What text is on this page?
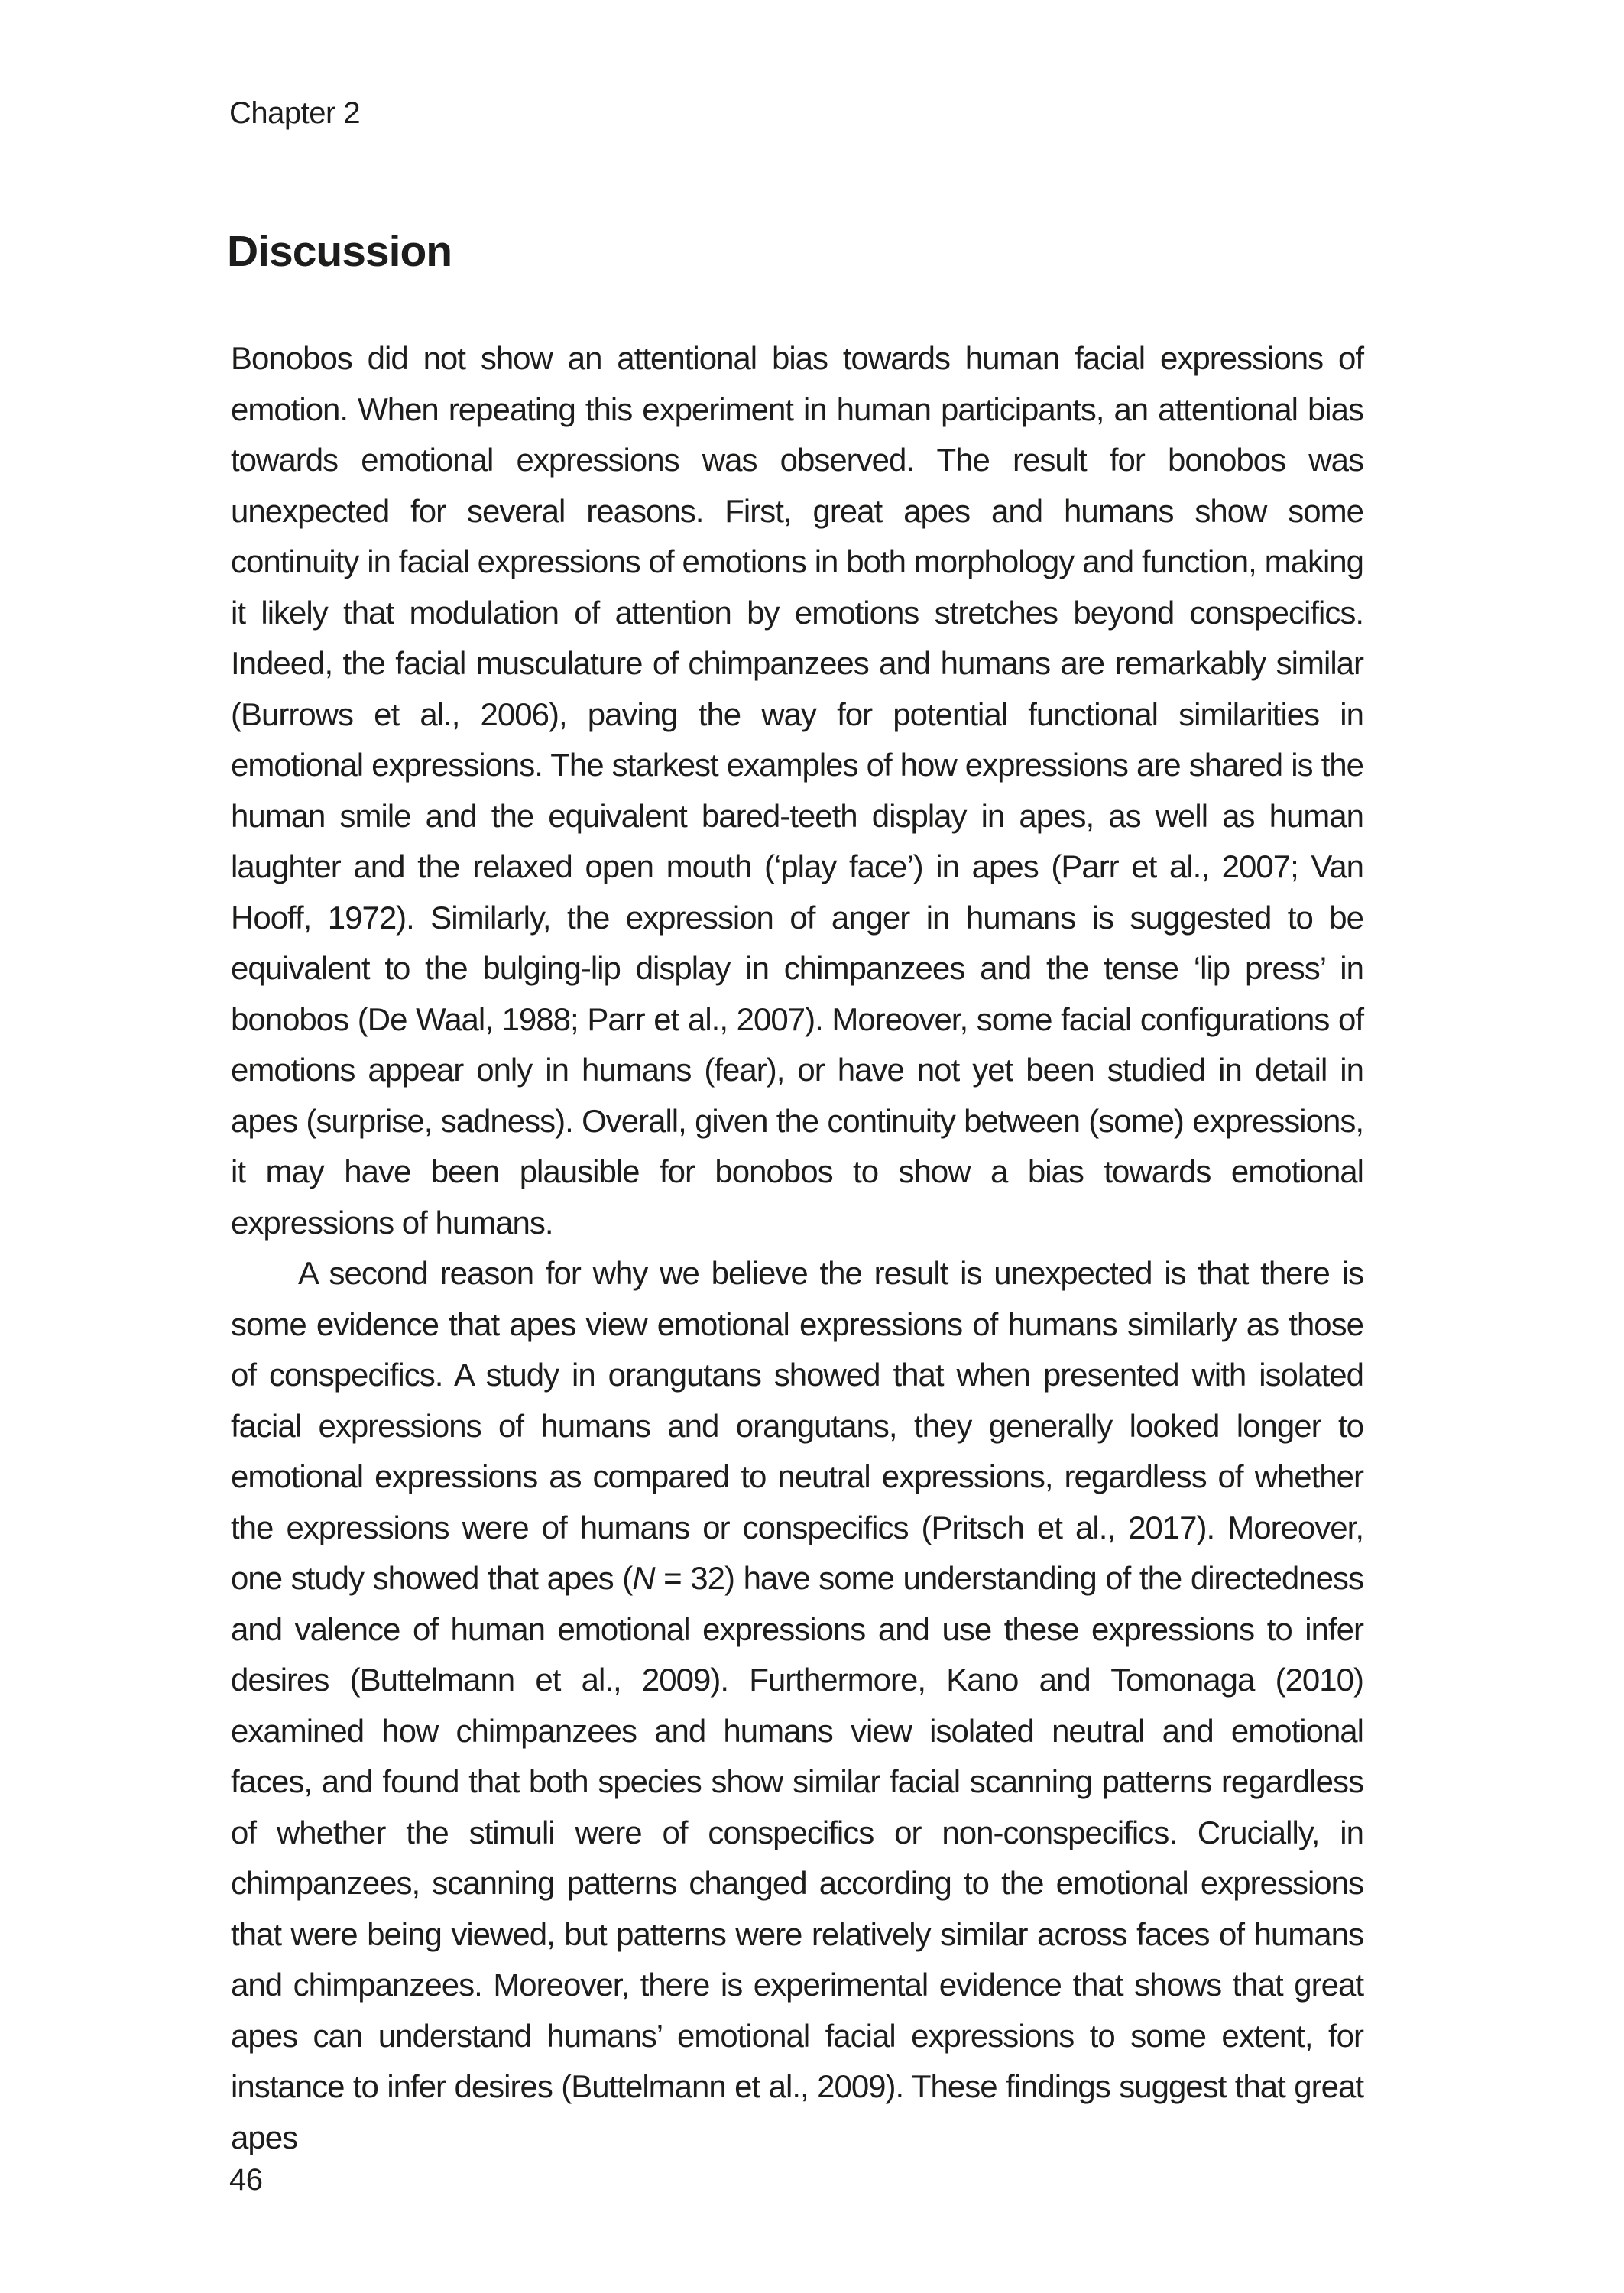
Chapter 2
Discussion

Bonobos did not show an attentional bias towards human facial expressions of emotion. When repeating this experiment in human participants, an attentional bias towards emotional expressions was observed. The result for bonobos was unexpected for several reasons. First, great apes and humans show some continuity in facial expressions of emotions in both morphology and function, making it likely that modulation of attention by emotions stretches beyond conspecifics. Indeed, the facial musculature of chimpanzees and humans are remarkably similar (Burrows et al., 2006), paving the way for potential functional similarities in emotional expressions. The starkest examples of how expressions are shared is the human smile and the equivalent bared-teeth display in apes, as well as human laughter and the relaxed open mouth (‘play face’) in apes (Parr et al., 2007; Van Hooff, 1972). Similarly, the expression of anger in humans is suggested to be equivalent to the bulging-lip display in chimpanzees and the tense ‘lip press’ in bonobos (De Waal, 1988; Parr et al., 2007). Moreover, some facial configurations of emotions appear only in humans (fear), or have not yet been studied in detail in apes (surprise, sadness). Overall, given the continuity between (some) expressions, it may have been plausible for bonobos to show a bias towards emotional expressions of humans.

A second reason for why we believe the result is unexpected is that there is some evidence that apes view emotional expressions of humans similarly as those of conspecifics. A study in orangutans showed that when presented with isolated facial expressions of humans and orangutans, they generally looked longer to emotional expressions as compared to neutral expressions, regardless of whether the expressions were of humans or conspecifics (Pritsch et al., 2017). Moreover, one study showed that apes (N = 32) have some understanding of the directedness and valence of human emotional expressions and use these expressions to infer desires (Buttelmann et al., 2009). Furthermore, Kano and Tomonaga (2010) examined how chimpanzees and humans view isolated neutral and emotional faces, and found that both species show similar facial scanning patterns regardless of whether the stimuli were of conspecifics or non-conspecifics. Crucially, in chimpanzees, scanning patterns changed according to the emotional expressions that were being viewed, but patterns were relatively similar across faces of humans and chimpanzees. Moreover, there is experimental evidence that shows that great apes can understand humans’ emotional facial expressions to some extent, for instance to infer desires (Buttelmann et al., 2009). These findings suggest that great apes

46
